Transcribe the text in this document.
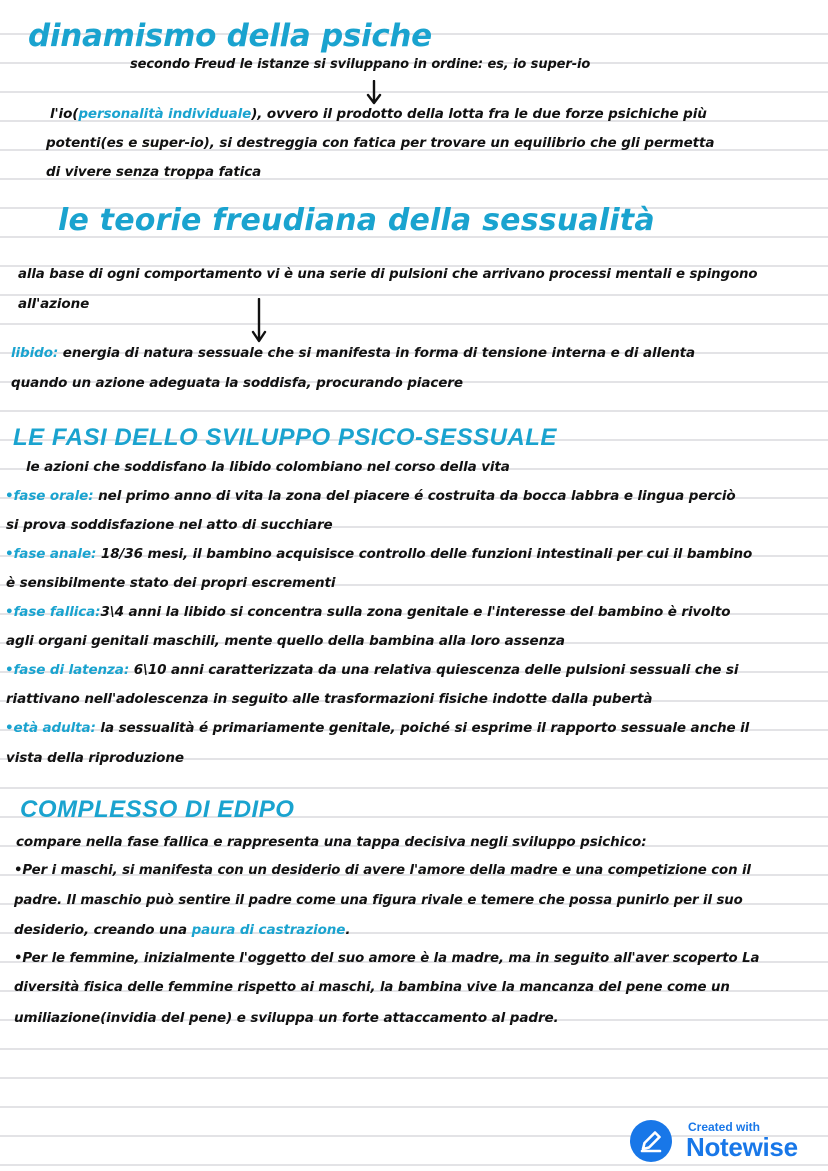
dinamismo della psiche
secondo Freud le istanze si sviluppano in ordine: es, io super-io
l'io(personalità individuale), ovvero il prodotto della lotta fra le due forze psichiche più
potenti(es e super-io), si destreggia con fatica per trovare un equilibrio che gli permetta
di vivere senza troppa fatica
le teorie freudiana della sessualità
alla base di ogni comportamento vi è una serie di pulsioni che arrivano processi mentali e spingono
all'azione
libido: energia di natura sessuale che si manifesta in forma di tensione interna e di allenta
quando un azione adeguata la soddisfa, procurando piacere
LE FASI DELLO SVILUPPO PSICO-SESSUALE
le azioni che soddisfano la libido colombiano nel corso della vita
•fase orale: nel primo anno di vita la zona del piacere é costruita da bocca labbra e lingua perciò
si prova soddisfazione nel atto di succhiare
•fase anale: 18/36 mesi, il bambino acquisisce controllo delle funzioni intestinali per cui il bambino
è sensibilmente stato dei propri escrementi
•fase fallica:3\4 anni la libido si concentra sulla zona genitale e l'interesse del bambino è rivolto
agli organi genitali maschili, mente quello della bambina alla loro assenza
•fase di latenza: 6\10 anni caratterizzata da una relativa quiescenza delle pulsioni sessuali che si
riattivano nell'adolescenza in seguito alle trasformazioni fisiche indotte dalla pubertà
•età adulta: la sessualità é primariamente genitale, poiché si esprime il rapporto sessuale anche il
vista della riproduzione
COMPLESSO DI EDIPO
compare nella fase fallica e rappresenta una tappa decisiva negli sviluppo psichico:
•Per i maschi, si manifesta con un desiderio di avere l'amore della madre e una competizione con il
padre. Il maschio può sentire il padre come una figura rivale e temere che possa punirlo per il suo
desiderio, creando una paura di castrazione.
•Per le femmine, inizialmente l'oggetto del suo amore è la madre, ma in seguito all'aver scoperto La
diversità fisica delle femmine rispetto ai maschi, la bambina vive la mancanza del pene come un
umiliazione(invidia del pene) e sviluppa un forte attaccamento al padre.
Created with
Notewise
